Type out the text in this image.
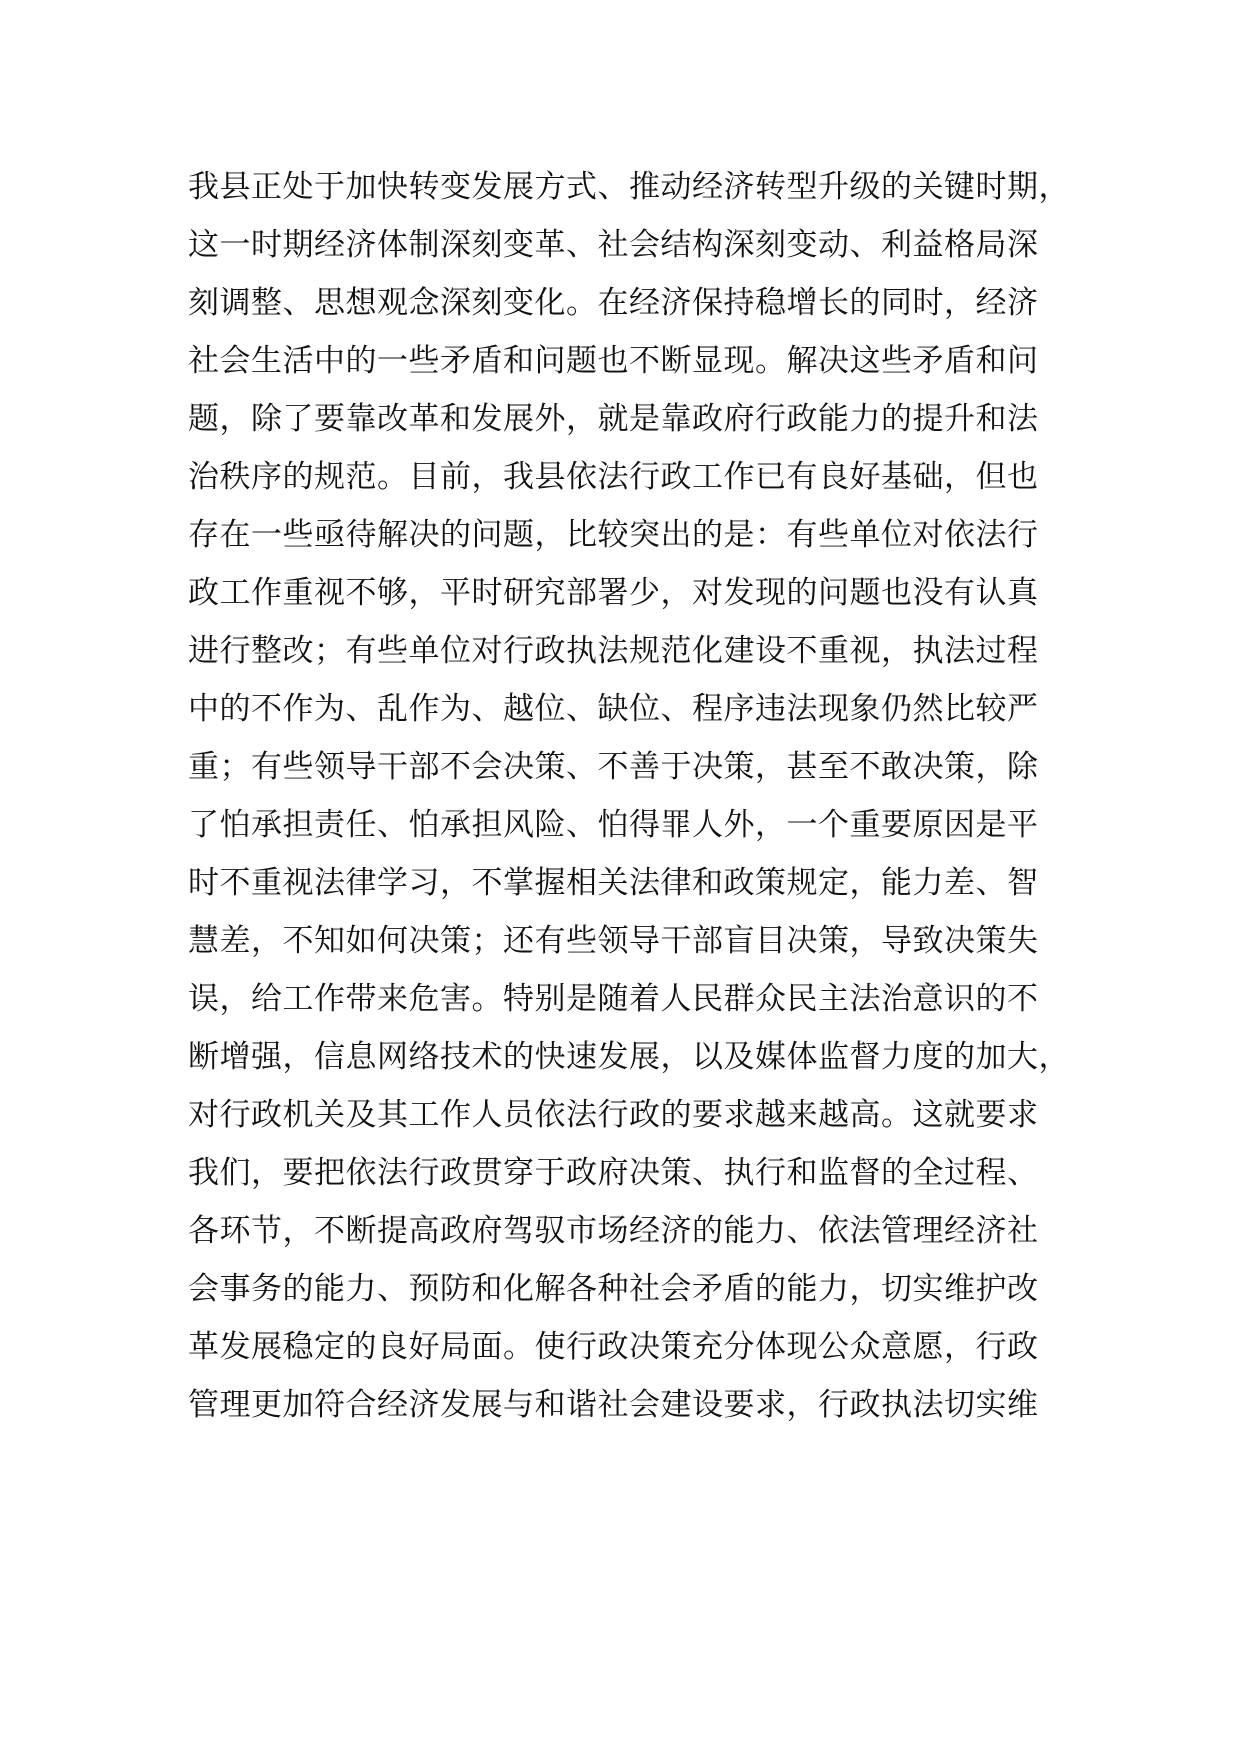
我县正处于加快转变发展方式、推动经济转型升级的关键时期，
这一时期经济体制深刻变革、社会结构深刻变动、利益格局深
刻调整、思想观念深刻变化。在经济保持稳增长的同时，经济
社会生活中的一些矛盾和问题也不断显现。解决这些矛盾和问
题，除了要靠改革和发展外，就是靠政府行政能力的提升和法
治秩序的规范。目前，我县依法行政工作已有良好基础，但也
存在一些亟待解决的问题，比较突出的是：有些单位对依法行
政工作重视不够，平时研究部署少，对发现的问题也没有认真
进行整改；有些单位对行政执法规范化建设不重视，执法过程
中的不作为、乱作为、越位、缺位、程序违法现象仍然比较严
重；有些领导干部不会决策、不善于决策，甚至不敢决策，除
了怕承担责任、怕承担风险、怕得罪人外，一个重要原因是平
时不重视法律学习，不掌握相关法律和政策规定，能力差、智
慧差，不知如何决策；还有些领导干部盲目决策，导致决策失
误，给工作带来危害。特别是随着人民群众民主法治意识的不
断增强，信息网络技术的快速发展，以及媒体监督力度的加大，
对行政机关及其工作人员依法行政的要求越来越高。这就要求
我们，要把依法行政贯穿于政府决策、执行和监督的全过程、
各环节，不断提高政府驾驭市场经济的能力、依法管理经济社
会事务的能力、预防和化解各种社会矛盾的能力，切实维护改
革发展稳定的良好局面。使行政决策充分体现公众意愿，行政
管理更加符合经济发展与和谐社会建设要求，行政执法切实维
